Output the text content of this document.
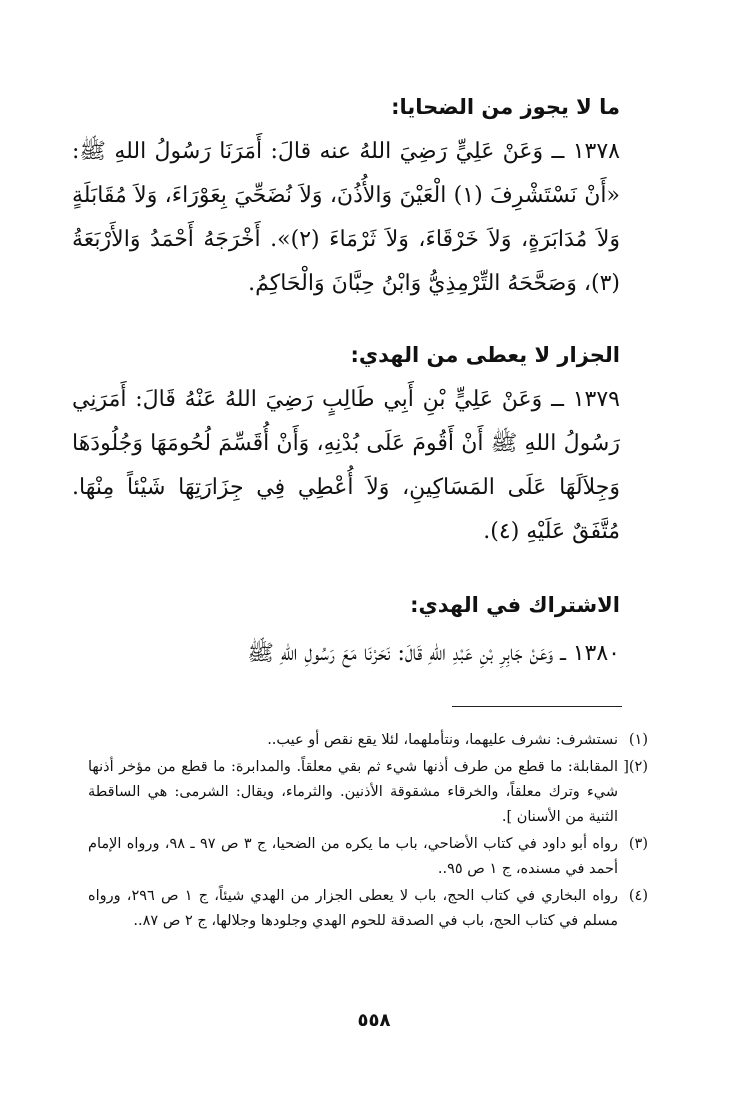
ما لا يجوز من الضحايا:
١٣٧٨ ــ وَعَنْ عَلِيٍّ رَضِيَ اللهُ عنه قالَ: أَمَرَنَا رَسُولُ اللهِ ﷺ: «أَنْ نَسْتَشْرِفَ (١) الْعَيْنَ وَالأُذُنَ، وَلاَ نُضَحِّيَ بِعَوْرَاءَ، وَلاَ مُقَابَلَةٍ وَلاَ مُدَابَرَةٍ، وَلاَ خَرْقَاءَ، وَلاَ ثَرْمَاءَ (٢)». أَخْرَجَهُ أَحْمَدُ وَالأَرْبَعَةُ (٣)، وَصَحَّحَهُ التِّرْمِذِيُّ وَابْنُ حِبَّانَ وَالْحَاكِمُ.
الجزار لا يعطى من الهدي:
١٣٧٩ ــ وَعَنْ عَلِيٍّ بْنِ أَبِي طَالِبٍ رَضِيَ اللهُ عَنْهُ قَالَ: أَمَرَنِي رَسُولُ اللهِ ﷺ أَنْ أَقُومَ عَلَى بُدْنِهِ، وَأَنْ أُقَسِّمَ لُحُومَهَا وَجُلُودَهَا وَجِلاَلَهَا عَلَى المَسَاكِينِ، وَلاَ أُعْطِي فِي جِزَارَتِهَا شَيْئاً مِنْهَا. مُتَّفَقٌ عَلَيْهِ (٤).
الاشتراك في الهدي:
١٣٨٠ ــ وَعَنْ جَابِرِ بْنِ عَبْدِ اللهِ قَالَ: نَحَرْنَا مَعَ رَسُولِ اللهِ ﷺ
(١)
نستشرف: نشرف عليهما، ونتأملهما، لئلا يقع نقص أو عيب..
(٢)[
المقابلة: ما قطع من طرف أذنها شيء ثم بقي معلقاً. والمدابرة: ما قطع من مؤخر أذنها شيء وترك معلقاً، والخرقاء مشقوقة الأذنين. والثرماء، ويقال: الشرمى: هي الساقطة الثنية من الأسنان ].
(٣)
رواه أبو داود في كتاب الأضاحي، باب ما يكره من الضحيا، ج ٣ ص ٩٧ ـ ٩٨، ورواه الإمام أحمد في مسنده، ج ١ ص ٩٥..
(٤)
رواه البخاري في كتاب الحج، باب لا يعطى الجزار من الهدي شيئاً، ج ١ ص ٢٩٦، ورواه مسلم في كتاب الحج، باب في الصدقة للحوم الهدي وجلودها وجلالها، ج ٢ ص ٨٧..
٥٥٨
